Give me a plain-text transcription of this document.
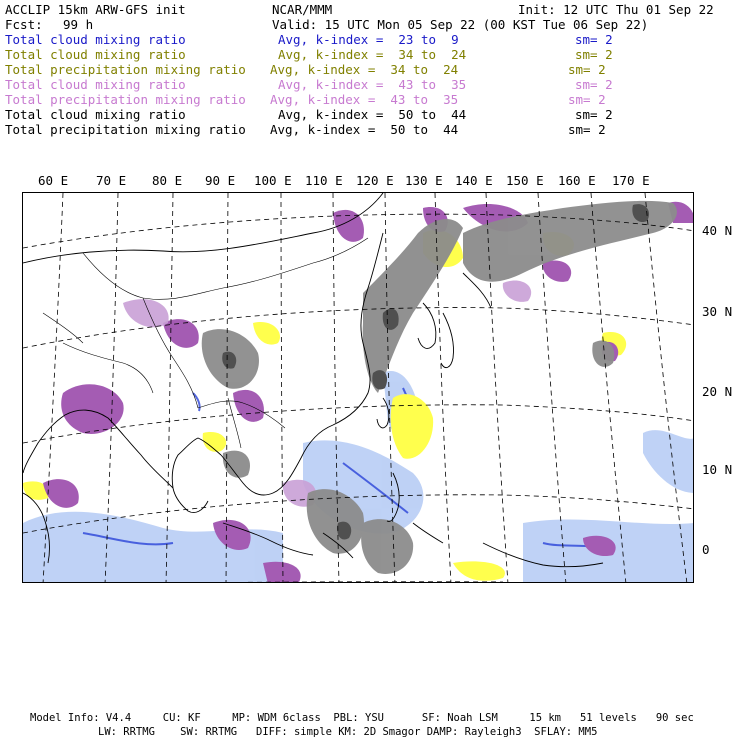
ACCLIP 15km ARW-GFS init	NCAR/MMM	Init: 12 UTC Thu 01 Sep 22
Fcst: 99 h	Valid: 15 UTC Mon 05 Sep 22 (00 KST Tue 06 Sep 22)
Total cloud mixing ratio	Avg, k-index =  23 to  9	sm= 2
Total cloud mixing ratio	Avg, k-index =  34 to  24	sm= 2
Total precipitation mixing ratio Avg, k-index =  34 to  24	sm= 2
Total cloud mixing ratio	Avg, k-index =  43 to  35	sm= 2
Total precipitation mixing ratio Avg, k-index =  43 to  35	sm= 2
Total cloud mixing ratio	Avg, k-index =  50 to  44	sm= 2
Total precipitation mixing ratio Avg, k-index =  50 to  44	sm= 2
60 E 70 E 80 E 90 E 100 E 110 E 120 E 130 E 140 E 150 E 160 E 170 E
40 N
30 N
20 N
10 N
0
Model Info: V4.4     CU: KF     MP: WDM 6class  PBL: YSU      SF: Noah LSM     15 km   51 levels   90 sec
LW: RRTMG    SW: RRTMG   DIFF: simple KM: 2D Smagor DAMP: Rayleigh3  SFLAY: MM5
